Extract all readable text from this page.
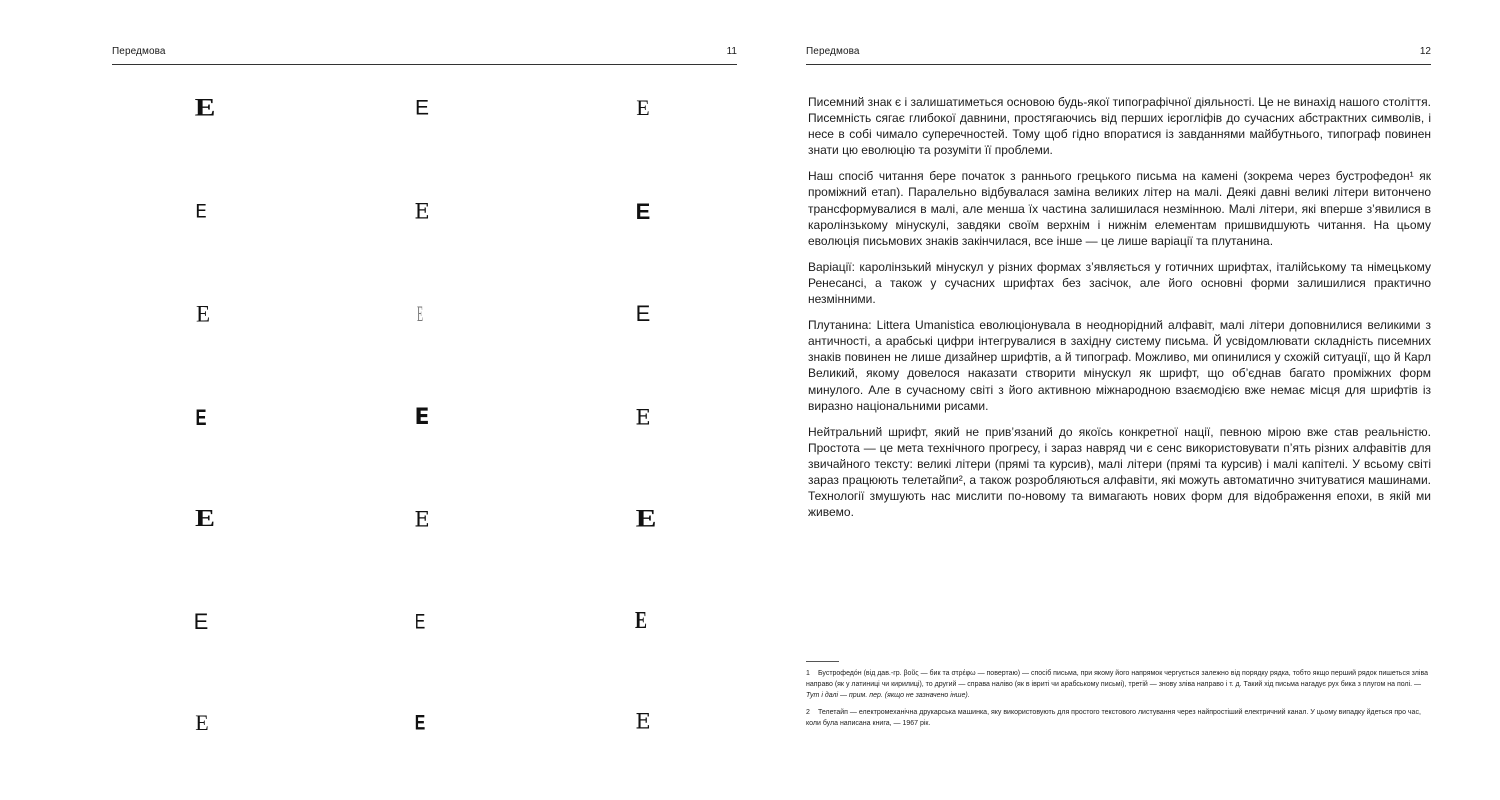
Передмова	11
E	E	E
E	E	E
E	E	E
E	E	E
E	E	E
E	E	E
E	E	E
Передмова	12

Писемний знак є і залишатиметься основою будь-якої типографічної діяльності. Це не винахід нашого століття. Писемність сягає глибокої давнини, простягаючись від перших ієрогліфів до сучасних абстрактних символів, і несе в собі чимало суперечностей. Тому щоб гідно впоратися із завданнями майбутнього, типограф повинен знати цю еволюцію та розуміти її проблеми.

Наш спосіб читання бере початок з раннього грецького письма на камені (зокрема через бустрофедон¹ як проміжний етап). Паралельно відбувалася заміна великих літер на малі. Деякі давні великі літери витончено трансформувалися в малі, але менша їх частина залишилася незмінною. Малі літери, які вперше з’явилися в каролінзькому мінускулі, завдяки своїм верхнім і нижнім елементам пришвидшують читання. На цьому еволюція письмових знаків закінчилася, все інше — це лише варіації та плутанина.

Варіації: каролінзький мінускул у різних формах з’являється у готичних шрифтах, італійському та німецькому Ренесансі, а також у сучасних шрифтах без засічок, але його основні форми залишилися практично незмінними.

Плутанина: Littera Umanistica еволюціонувала в неоднорідний алфавіт, малі літери доповнилися великими з античності, а арабські цифри інтегрувалися в західну систему письма. Й усвідомлювати складність писемних знаків повинен не лише дизайнер шрифтів, а й типограф. Можливо, ми опинилися у схожій ситуації, що й Карл Великий, якому довелося наказати створити мінускул як шрифт, що об’єднав багато проміжних форм минулого. Але в сучасному світі з його активною міжнародною взаємодією вже немає місця для шрифтів із виразно національними рисами.

Нейтральний шрифт, який не прив’язаний до якоїсь конкретної нації, певною мірою вже став реальністю. Простота — це мета технічного прогресу, і зараз навряд чи є сенс використовувати п’ять різних алфавітів для звичайного тексту: великі літери (прямі та курсив), малі літери (прямі та курсив) і малі капітелі. У всьому світі зараз працюють телетайпи², а також розробляються алфавіти, які можуть автоматично зчитуватися машинами. Технології змушують нас мислити по-новому та вимагають нових форм для відображення епохи, в якій ми живемо.

1 Бустрофедо́н (від дав.-гр. βοῦς — бик та στρέφω — повертаю) — спосіб письма, при якому його напрямок чергується залежно від порядку рядка, тобто якщо перший рядок пишеться зліва направо (як у латиниці чи кирилиці), то другий — справа наліво (як в івриті чи арабському письмі), третій — знову зліва направо і т. д. Такий хід письма нагадує рух бика з плугом на полі. — Тут і далі — прим. пер. (якщо не зазначено інше).

2 Телетайп — електромеханічна друкарська машинка, яку використовують для простого текстового листування через найпростіший електричний канал. У цьому випадку йдеться про час, коли була написана книга, — 1967 рік.
